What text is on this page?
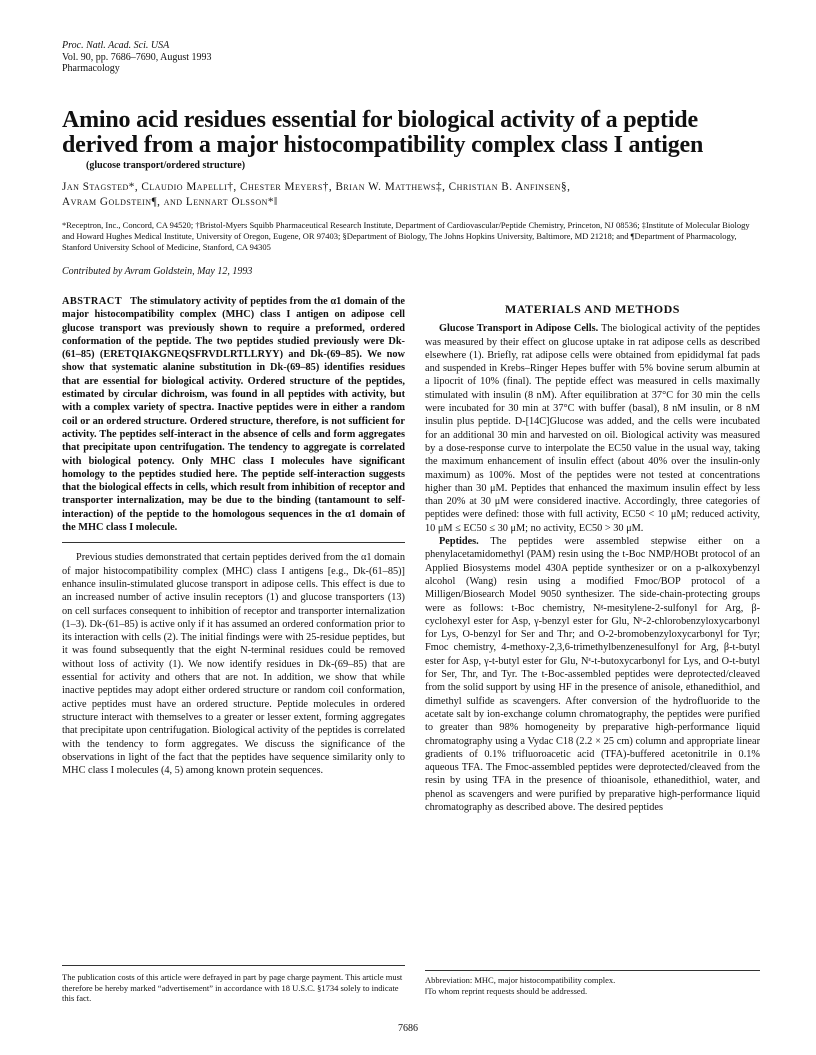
Proc. Natl. Acad. Sci. USA
Vol. 90, pp. 7686–7690, August 1993
Pharmacology
Amino acid residues essential for biological activity of a peptide derived from a major histocompatibility complex class I antigen
(glucose transport/ordered structure)
Jan Stagsted*, Claudio Mapelli†, Chester Meyers†, Brian W. Matthews‡, Christian B. Anfinsen§,
Avram Goldstein¶, and Lennart Olsson*‖
*Receptron, Inc., Concord, CA 94520; †Bristol-Myers Squibb Pharmaceutical Research Institute, Department of Cardiovascular/Peptide Chemistry, Princeton, NJ 08536; ‡Institute of Molecular Biology and Howard Hughes Medical Institute, University of Oregon, Eugene, OR 97403; §Department of Biology, The Johns Hopkins University, Baltimore, MD 21218; and ¶Department of Pharmacology, Stanford University School of Medicine, Stanford, CA 94305
Contributed by Avram Goldstein, May 12, 1993

ABSTRACT The stimulatory activity of peptides from the α1 domain of the major histocompatibility complex (MHC) class I antigen on adipose cell glucose transport was previously shown to require a preformed, ordered conformation of the peptide. The two peptides studied previously were Dk-(61–85) (ERETQIAKGNEQSFRVDLRTLLRYY) and Dk-(69–85). We now show that systematic alanine substitution in Dk-(69–85) identifies residues that are essential for biological activity. Ordered structure of the peptides, estimated by circular dichroism, was found in all peptides with activity, but with a complex variety of spectra. Inactive peptides were in either a random coil or an ordered structure. Ordered structure, therefore, is not sufficient for activity. The peptides self-interact in the absence of cells and form aggregates that precipitate upon centrifugation. The tendency to aggregate is correlated with biological potency. Only MHC class I molecules have significant homology to the peptides studied here. The peptide self-interaction suggests that the biological effects in cells, which result from inhibition of receptor and transporter internalization, may be due to the binding (tantamount to self-interaction) of the peptide to the homologous sequences in the α1 domain of the MHC class I molecule.

Previous studies demonstrated that certain peptides derived from the α1 domain of major histocompatibility complex (MHC) class I antigens [e.g., Dk-(61–85)] enhance insulin-stimulated glucose transport in adipose cells. This effect is due to an increased number of active insulin receptors (1) and glucose transporters (13) on cell surfaces consequent to inhibition of receptor and transporter internalization (1–3). Dk-(61–85) is active only if it has assumed an ordered conformation prior to its interaction with cells (2). The initial findings were with 25-residue peptides, but it was found subsequently that the eight N-terminal residues could be removed without loss of activity (1). We now identify residues in Dk-(69–85) that are essential for activity and others that are not. In addition, we show that while inactive peptides may adopt either ordered structure or random coil conformation, active peptides must have an ordered structure. Peptide molecules in ordered structure interact with themselves to a greater or lesser extent, forming aggregates that precipitate upon centrifugation. Biological activity of the peptides is correlated with the tendency to form aggregates. We discuss the significance of the observations in light of the fact that the peptides have sequence similarity only to MHC class I molecules (4, 5) among known protein sequences.

MATERIALS AND METHODS

Glucose Transport in Adipose Cells. The biological activity of the peptides was measured by their effect on glucose uptake in rat adipose cells as described elsewhere (1). Briefly, rat adipose cells were obtained from epididymal fat pads and suspended in Krebs–Ringer Hepes buffer with 5% bovine serum albumin at a lipocrit of 10% (final). The peptide effect was measured in cells maximally stimulated with insulin (8 nM). After equilibration at 37°C for 30 min the cells were incubated for 30 min at 37°C with buffer (basal), 8 nM insulin, or 8 nM insulin plus peptide. D-[14C]Glucose was added, and the cells were incubated for an additional 30 min and harvested on oil. Biological activity was measured by a dose-response curve to interpolate the EC50 value in the usual way, taking the maximum enhancement of insulin effect (about 40% over the insulin-only maximum) as 100%. Most of the peptides were not tested at concentrations higher than 30 μM. Peptides that enhanced the maximum insulin effect by less than 20% at 30 μM were considered inactive. Accordingly, three categories of peptides were defined: those with full activity, EC50 < 10 μM; reduced activity, 10 μM ≤ EC50 ≤ 30 μM; no activity, EC50 > 30 μM.

Peptides. The peptides were assembled stepwise either on a phenylacetamidomethyl (PAM) resin using the t-Boc NMP/HOBt protocol of an Applied Biosystems model 430A peptide synthesizer or on a p-alkoxybenzyl alcohol (Wang) resin using a modified Fmoc/BOP protocol of a Milligen/Biosearch Model 9050 synthesizer. The side-chain-protecting groups were as follows: t-Boc chemistry, Nᵍ-mesitylene-2-sulfonyl for Arg, β-cyclohexyl ester for Asp, γ-benzyl ester for Glu, Nᵋ-2-chlorobenzyloxycarbonyl for Lys, O-benzyl for Ser and Thr; and O-2-bromobenzyloxycarbonyl for Tyr; Fmoc chemistry, 4-methoxy-2,3,6-trimethylbenzenesulfonyl for Arg, β-t-butyl ester for Asp, γ-t-butyl ester for Glu, Nᵋ-t-butoxycarbonyl for Lys, and O-t-butyl for Ser, Thr, and Tyr. The t-Boc-assembled peptides were deprotected/cleaved from the solid support by using HF in the presence of anisole, ethanedithiol, and dimethyl sulfide as scavengers. After conversion of the hydrofluoride to the acetate salt by ion-exchange column chromatography, the peptides were purified to greater than 98% homogeneity by preparative high-performance liquid chromatography using a Vydac C18 (2.2 × 25 cm) column and appropriate linear gradients of 0.1% trifluoroacetic acid (TFA)-buffered acetonitrile in 0.1% aqueous TFA. The Fmoc-assembled peptides were deprotected/cleaved from the resin by using TFA in the presence of thioanisole, ethanedithiol, water, and phenol as scavengers and were purified by preparative high-performance liquid chromatography as described above. The desired peptides

The publication costs of this article were defrayed in part by page charge payment. This article must therefore be hereby marked “advertisement” in accordance with 18 U.S.C. §1734 solely to indicate this fact.
Abbreviation: MHC, major histocompatibility complex.
‖To whom reprint requests should be addressed.
7686
